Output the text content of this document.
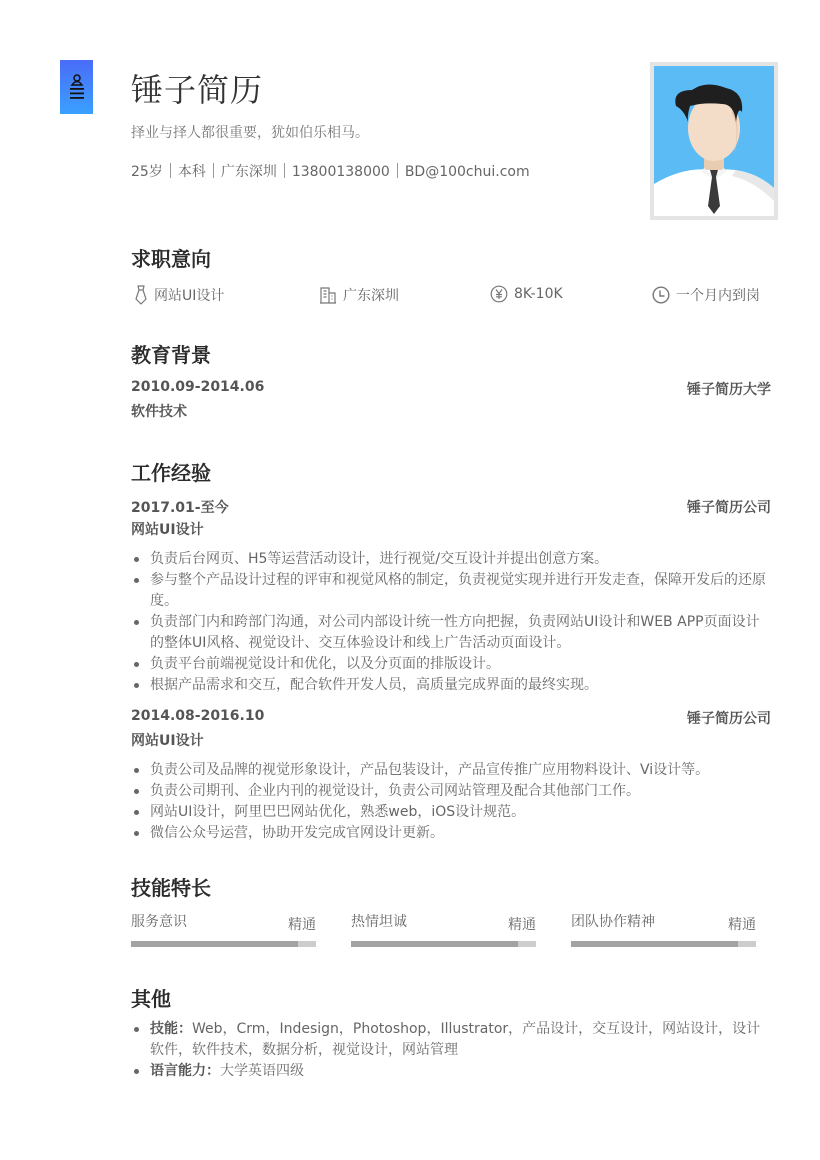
锤子简历
择业与择人都很重要，犹如伯乐相马。
25岁 本科 广东深圳 13800138000 BD@100chui.com
求职意向
网站UI设计	广东深圳	8K-10K	一个月内到岗
教育背景
2010.09-2014.06	锤子简历大学
软件技术
工作经验
2017.01-至今	锤子简历公司
网站UI设计
负责后台网页、H5等运营活动设计，进行视觉/交互设计并提出创意方案。
参与整个产品设计过程的评审和视觉风格的制定，负责视觉实现并进行开发走查，保障开发后的还原度。
负责部门内和跨部门沟通，对公司内部设计统一性方向把握，负责网站UI设计和WEB APP页面设计的整体UI风格、视觉设计、交互体验设计和线上广告活动页面设计。
负责平台前端视觉设计和优化，以及分页面的排版设计。
根据产品需求和交互，配合软件开发人员，高质量完成界面的最终实现。
2014.08-2016.10	锤子简历公司
网站UI设计
负责公司及品牌的视觉形象设计，产品包装设计，产品宣传推广应用物料设计、Vi设计等。
负责公司期刊、企业内刊的视觉设计，负责公司网站管理及配合其他部门工作。
网站UI设计，阿里巴巴网站优化，熟悉web，iOS设计规范。
微信公众号运营，协助开发完成官网设计更新。
技能特长
服务意识	精通	热情坦诚	精通	团队协作精神	精通
其他
技能：Web，Crm，Indesign，Photoshop，Illustrator，产品设计，交互设计，网站设计，设计软件，软件技术，数据分析，视觉设计，网站管理
语言能力：大学英语四级
